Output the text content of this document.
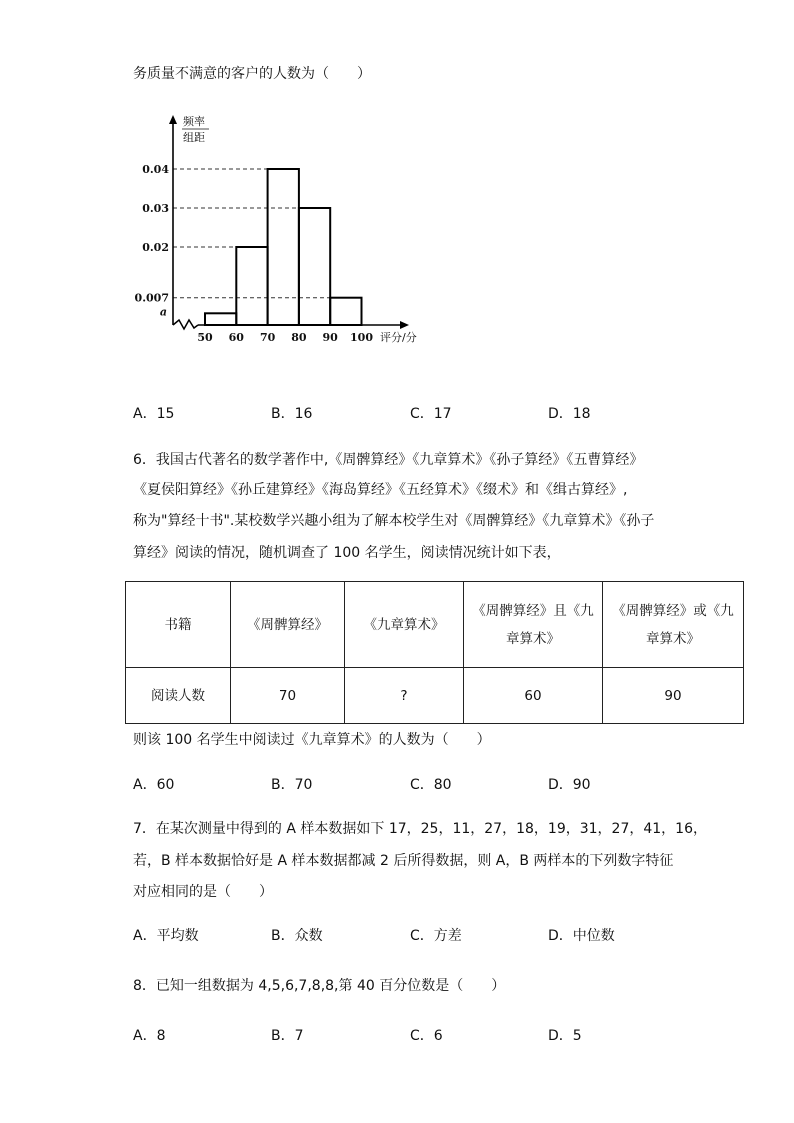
务质量不满意的客户的人数为（　　）
0.04
0.03
0.02
0.007
a
50 60 70 80 90 100
频率
组距
评分/分
A．15	B．16	C．17	D．18
6．我国古代著名的数学著作中,《周髀算经》《九章算术》《孙子算经》《五曹算经》
《夏侯阳算经》《孙丘建算经》《海岛算经》《五经算术》《缀术》和《缉古算经》,
称为"算经十书".某校数学兴趣小组为了解本校学生对《周髀算经》《九章算术》《孙子
算经》阅读的情况，随机调查了 100 名学生，阅读情况统计如下表，
书籍	《周髀算经》	《九章算术》	《周髀算经》且《九章算术》	《周髀算经》或《九章算术》
阅读人数	70	?	60	90
则该 100 名学生中阅读过《九章算术》的人数为（　　）
A．60	B．70	C．80	D．90
7．在某次测量中得到的 A 样本数据如下 17，25，11，27，18，19，31，27，41，16，
若，B 样本数据恰好是 A 样本数据都减 2 后所得数据，则 A，B 两样本的下列数字特征
对应相同的是（　　）
A．平均数	B．众数	C．方差	D．中位数
8．已知一组数据为 4,5,6,7,8,8,第 40 百分位数是（　　）
A．8	B．7	C．6	D．5
